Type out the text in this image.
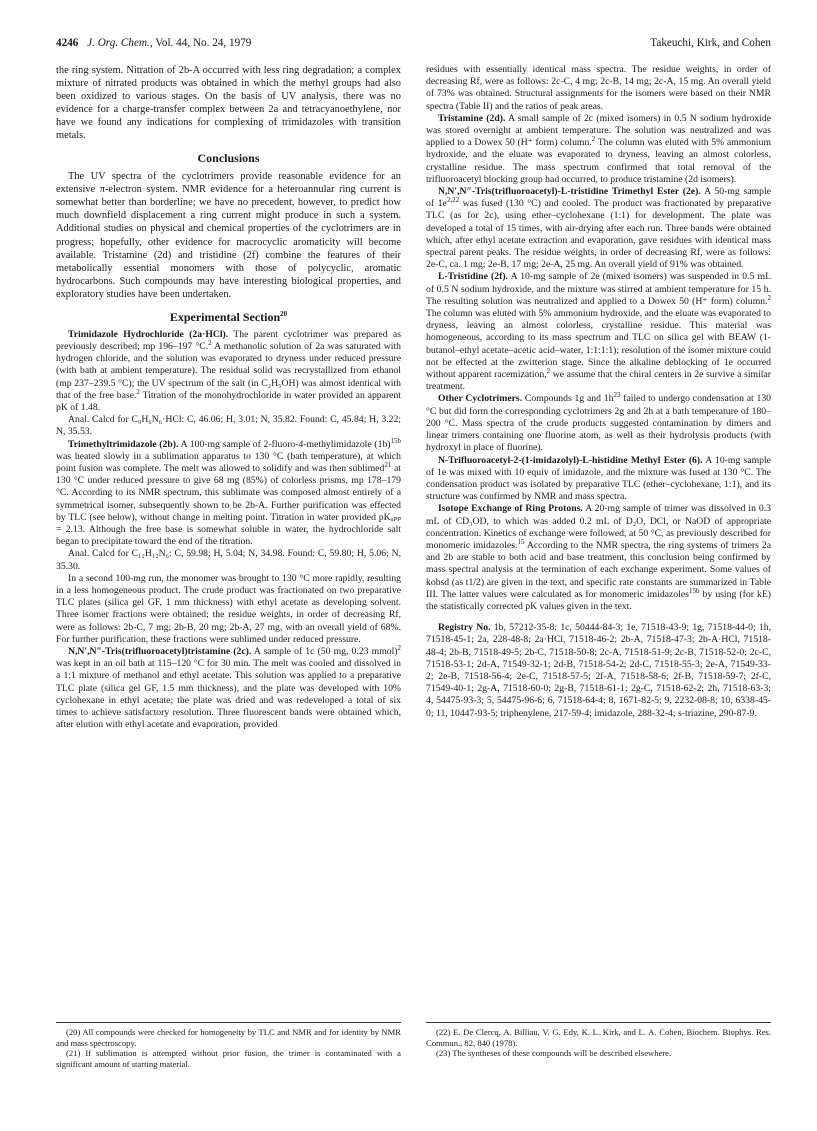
4246 J. Org. Chem., Vol. 44, No. 24, 1979	Takeuchi, Kirk, and Cohen

the ring system. Nitration of 2b-A occurred with less ring degradation; a complex mixture of nitrated products was obtained in which the methyl groups had also been oxidized to various stages. On the basis of UV analysis, there was no evidence for a charge-transfer complex between 2a and tetracyanoethylene, nor have we found any indications for complexing of trimidazoles with transition metals.

Conclusions

The UV spectra of the cyclotrimers provide reasonable evidence for an extensive π-electron system. NMR evidence for a heteroannular ring current is somewhat better than borderline; we have no precedent, however, to predict how much downfield displacement a ring current might produce in such a system. Additional studies on physical and chemical properties of the cyclotrimers are in progress; hopefully, other evidence for macrocyclic aromaticity will become available. Tristamine (2d) and tristidine (2f) combine the features of their metabolically essential monomers with those of polycyclic, aromatic hydrocarbons. Such compounds may have interesting biological properties, and exploratory studies have been undertaken.

Experimental Section$^{20}$

Trimidazole Hydrochloride (2a·HCl). The parent cyclotrimer was prepared as previously described; mp 196–197 °C.$^2$ A methanolic solution of 2a was saturated with hydrogen chloride, and the solution was evaporated to dryness under reduced pressure (with bath at ambient temperature). The residual solid was recrystallized from ethanol (mp 237–239.5 °C); the UV spectrum of the salt (in C₂H₅OH) was almost identical with that of the free base.$^2$ Titration of the monohydrochloride in water provided an apparent pK of 1.48.

Anal. Calcd for C₉H₆N₆·HCl: C, 46.06; H, 3.01; N, 35.82. Found: C, 45.84; H, 3.22; N, 35.53.

Trimethyltrimidazole (2b). A 100-mg sample of 2-fluoro-4-methylimidazole $(1b)^{15b}$ was heated slowly in a sublimation apparatus to 130 °C (bath temperature), at which point fusion was complete. The melt was allowed to solidify and was then sublimed$^{21}$ at 130 °C under reduced pressure to give 68 mg (85%) of colorless prisms, mp 178–179 °C. According to its NMR spectrum, this sublimate was composed almost entirely of a symmetrical isomer, subsequently shown to be 2b-A. Further purification was effected by TLC (see below), without change in melting point. Titration in water provided pKₐₚₚ = 2.13. Although the free base is somewhat soluble in water, the hydrochloride salt began to precipitate toward the end of the titration.

Anal. Calcd for C₁₂H₁₂N₆: C, 59.98; H, 5.04; N, 34.98. Found: C, 59.80; H, 5.06; N, 35.30.

In a second 100-mg run, the monomer was brought to 130 °C more rapidly, resulting in a less homogeneous product. The crude product was fractionated on two preparative TLC plates (silica gel GF, 1 mm thickness) with ethyl acetate as developing solvent. Three isomer fractions were obtained; the residue weights, in order of decreasing Rf, were as follows: 2b-C, 7 mg; 2b-B, 20 mg; 2b-A, 27 mg, with an overall yield of 68%. For further purification, these fractions were sublimed under reduced pressure.

N,N′,N″-Tris(trifluoroacetyl)tristamine (2c). A sample of 1c (50 mg, 0.23 mmol)$^2$ was kept in an oil bath at 115–120 °C for 30 min. The melt was cooled and dissolved in a 1:1 mixture of methanol and ethyl acetate. This solution was applied to a preparative TLC plate (silica gel GF, 1.5 mm thickness), and the plate was developed with 10% cyclohexane in ethyl acetate; the plate was dried and was redeveloped a total of six times to achieve satisfactory resolution. Three fluorescent bands were obtained which, after elution with ethyl acetate and evaporation, provided

residues with essentially identical mass spectra. The residue weights, in order of decreasing Rf, were as follows: 2c-C, 4 mg; 2c-B, 14 mg; 2c-A, 15 mg. An overall yield of 73% was obtained. Structural assignments for the isomers were based on their NMR spectra (Table II) and the ratios of peak areas.

Tristamine (2d). A small sample of 2c (mixed isomers) in 0.5 N sodium hydroxide was stored overnight at ambient temperature. The solution was neutralized and was applied to a Dowex 50 (H⁺ form) column.$^2$ The column was eluted with 5% ammonium hydroxide, and the eluate was evaporated to dryness, leaving an almost colorless, crystalline residue. The mass spectrum confirmed that total removal of the trifluoroacetyl blocking group had occurred, to produce tristamine (2d isomers).

N,N′,N″-Tris(trifluoroacetyl)-L-tristidine Trimethyl Ester (2e). A 50-mg sample of $1e^{2,22}$ was fused (130 °C) and cooled. The product was fractionated by preparative TLC (as for 2c), using ether–cyclohexane (1:1) for development. The plate was developed a total of 15 times, with air-drying after each run. Three bands were obtained which, after ethyl acetate extraction and evaporation, gave residues with identical mass spectral parent peaks. The residue weights, in order of decreasing Rf, were as follows: 2e-C, ca. 1 mg; 2e-B, 17 mg; 2e-A, 25 mg. An overall yield of 91% was obtained.

L-Tristidine (2f). A 10-mg sample of 2e (mixed isomers) was suspended in 0.5 mL of 0.5 N sodium hydroxide, and the mixture was stirred at ambient temperature for 15 h. The resulting solution was neutralized and applied to a Dowex 50 (H⁺ form) column.$^2$ The column was eluted with 5% ammonium hydroxide, and the eluate was evaporated to dryness, leaving an almost colorless, crystalline residue. This material was homogeneous, according to its mass spectrum and TLC on silica gel with BEAW (1-butanol–ethyl acetate–acetic acid–water, 1:1:1:1); resolution of the isomer mixture could not be effected at the zwitterion stage. Since the alkaline deblocking of 1e occurred without apparent racemization,$^2$ we assume that the chiral centers in 2e survive a similar treatment.

Other Cyclotrimers. Compounds 1g and $1h^{23}$ failed to undergo condensation at 130 °C but did form the corresponding cyclotrimers 2g and 2h at a bath temperature of 180–200 °C. Mass spectra of the crude products suggested contamination by dimers and linear trimers containing one fluorine atom, as well as their hydrolysis products (with hydroxyl in place of fluorine).

N-Trifluoroacetyl-2-(1-imidazolyl)-L-histidine Methyl Ester (6). A 10-mg sample of 1e was mixed with 10 equiv of imidazole, and the mixture was fused at 130 °C. The condensation product was isolated by preparative TLC (ether–cyclohexane, 1:1), and its structure was confirmed by NMR and mass spectra.

Isotope Exchange of Ring Protons. A 20-mg sample of trimer was dissolved in 0.3 mL of CD₃OD, to which was added 0.2 mL of D₂O, DCl, or NaOD of appropriate concentration. Kinetics of exchange were followed, at 50 °C, as previously described for monomeric imidazoles.$^{15}$ According to the NMR spectra, the ring systems of trimers 2a and 2b are stable to both acid and base treatment, this conclusion being confirmed by mass spectral analysis at the termination of each exchange experiment. Some values of kobsd (as t1/2) are given in the text, and specific rate constants are summarized in Table III. The latter values were calculated as for monomeric imidazoles$^{15b}$ by using (for kE) the statistically corrected pK values given in the text.

Registry No. 1b, 57212-35-8; 1c, 50444-84-3; 1e, 71518-43-9; 1g, 71518-44-0; 1h, 71518-45-1; 2a, 228-48-8; 2a·HCl, 71518-46-2; 2b-A, 71518-47-3; 2b-A·HCl, 71518-48-4; 2b-B, 71518-49-5; 2b-C, 71518-50-8; 2c-A, 71518-51-9; 2c-B, 71518-52-0; 2c-C, 71518-53-1; 2d-A, 71549-32-1; 2d-B, 71518-54-2; 2d-C, 71518-55-3; 2e-A, 71549-33-2; 2e-B, 71518-56-4; 2e-C, 71518-57-5; 2f-A, 71518-58-6; 2f-B, 71518-59-7; 2f-C, 71549-40-1; 2g-A, 71518-60-0; 2g-B, 71518-61-1; 2g-C, 71518-62-2; 2h, 71518-63-3; 4, 54475-93-3; 5, 54475-96-6; 6, 71518-64-4; 8, 1671-82-5; 9, 2232-08-8; 10, 6338-45-0; 11, 10447-93-5; triphenylene, 217-59-4; imidazole, 288-32-4; s-triazine, 290-87-9.

(20) All compounds were checked for homogeneity by TLC and NMR and for identity by NMR and mass spectroscopy.

(21) If sublimation is attempted without prior fusion, the trimer is contaminated with a significant amount of starting material.

(22) E. De Clercq, A. Billiau, V. G. Edy, K. L. Kirk, and L. A. Cohen, Biochem. Biophys. Res. Commun., 82, 840 (1978).

(23) The syntheses of these compounds will be described elsewhere.
